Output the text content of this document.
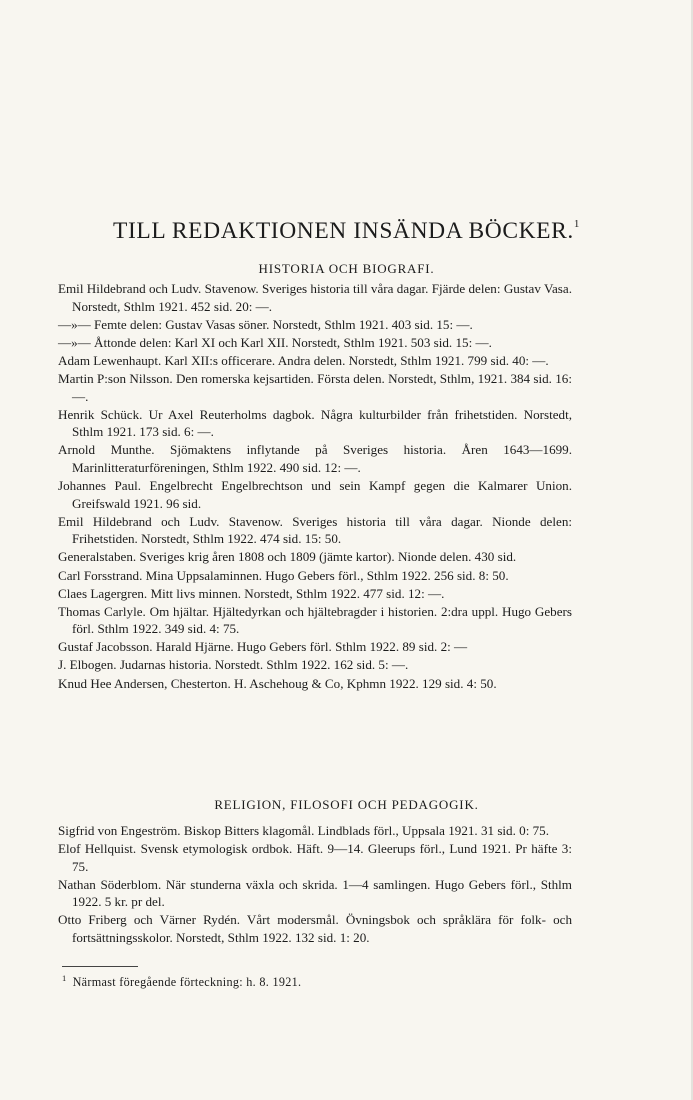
TILL REDAKTIONEN INSÄNDA BÖCKER.$^1$
HISTORIA OCH BIOGRAFI.

Emil Hildebrand och Ludv. Stavenow. Sveriges historia till våra dagar. Fjärde delen: Gustav Vasa. Norstedt, Sthlm 1921. 452 sid. 20: —.

—»— Femte delen: Gustav Vasas söner. Norstedt, Sthlm 1921. 403 sid. 15: —.

—»— Åttonde delen: Karl XI och Karl XII. Norstedt, Sthlm 1921. 503 sid. 15: —.

Adam Lewenhaupt. Karl XII:s officerare. Andra delen. Norstedt, Sthlm 1921. 799 sid. 40: —.

Martin P:son Nilsson. Den romerska kejsartiden. Första delen. Norstedt, Sthlm, 1921. 384 sid. 16: —.

Henrik Schück. Ur Axel Reuterholms dagbok. Några kulturbilder från frihetstiden. Norstedt, Sthlm 1921. 173 sid. 6: —.

Arnold Munthe. Sjömaktens inflytande på Sveriges historia. Åren 1643—1699. Marinlitteraturföreningen, Sthlm 1922. 490 sid. 12: —.

Johannes Paul. Engelbrecht Engelbrechtson und sein Kampf gegen die Kalmarer Union. Greifswald 1921. 96 sid.

Emil Hildebrand och Ludv. Stavenow. Sveriges historia till våra dagar. Nionde delen: Frihetstiden. Norstedt, Sthlm 1922. 474 sid. 15: 50.

Generalstaben. Sveriges krig åren 1808 och 1809 (jämte kartor). Nionde delen. 430 sid.

Carl Forsstrand. Mina Uppsalaminnen. Hugo Gebers förl., Sthlm 1922. 256 sid. 8: 50.

Claes Lagergren. Mitt livs minnen. Norstedt, Sthlm 1922. 477 sid. 12: —.

Thomas Carlyle. Om hjältar. Hjältedyrkan och hjältebragder i historien. 2:dra uppl. Hugo Gebers förl. Sthlm 1922. 349 sid. 4: 75.

Gustaf Jacobsson. Harald Hjärne. Hugo Gebers förl. Sthlm 1922. 89 sid. 2: —

J. Elbogen. Judarnas historia. Norstedt. Sthlm 1922. 162 sid. 5: —.

Knud Hee Andersen, Chesterton. H. Aschehoug & Co, Kphmn 1922. 129 sid. 4: 50.

RELIGION, FILOSOFI OCH PEDAGOGIK.

Sigfrid von Engeström. Biskop Bitters klagomål. Lindblads förl., Uppsala 1921. 31 sid. 0: 75.

Elof Hellquist. Svensk etymologisk ordbok. Häft. 9—14. Gleerups förl., Lund 1921. Pr häfte 3: 75.

Nathan Söderblom. När stunderna växla och skrida. 1—4 samlingen. Hugo Gebers förl., Sthlm 1922. 5 kr. pr del.

Otto Friberg och Värner Rydén. Vårt modersmål. Övningsbok och språklära för folk- och fortsättningsskolor. Norstedt, Sthlm 1922. 132 sid. 1: 20.

$^1$ Närmast föregående förteckning: h. 8. 1921.
